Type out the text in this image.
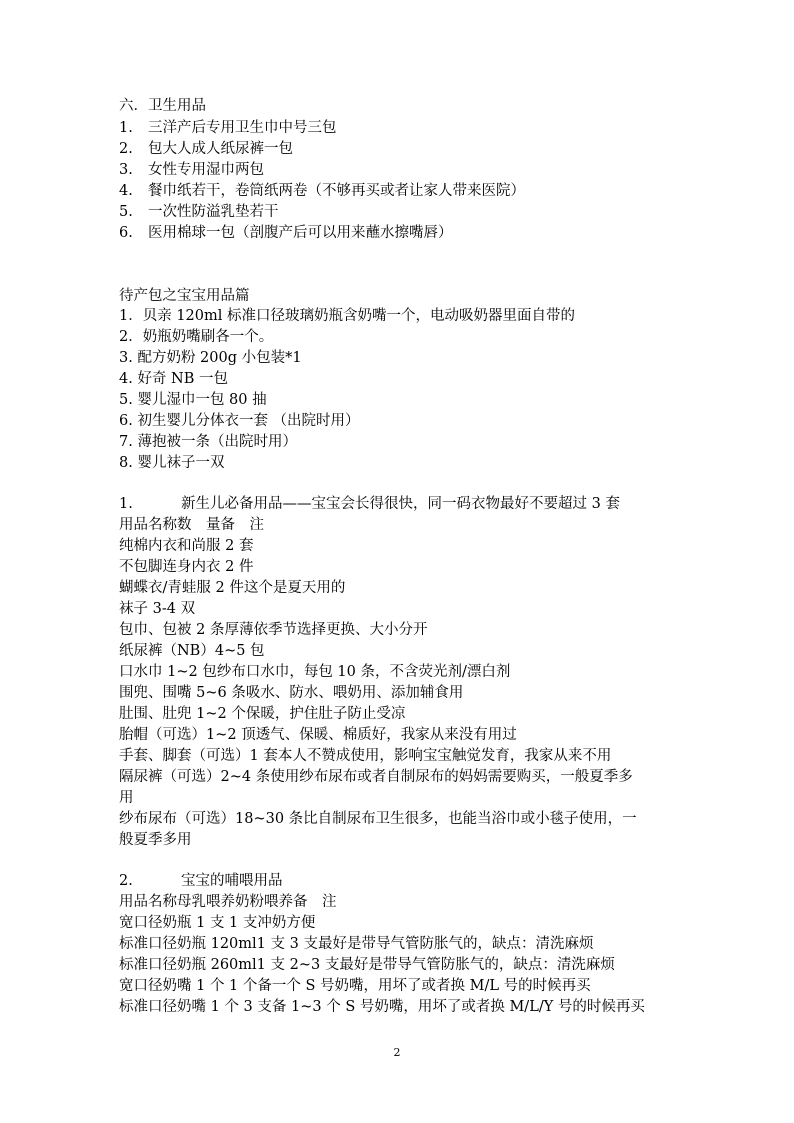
六．卫生用品
1. 三洋产后专用卫生巾中号三包
2. 包大人成人纸尿裤一包
3. 女性专用湿巾两包
4. 餐巾纸若干，卷筒纸两卷（不够再买或者让家人带来医院）
5. 一次性防溢乳垫若干
6. 医用棉球一包（剖腹产后可以用来蘸水擦嘴唇）
待产包之宝宝用品篇
1．贝亲 120ml 标准口径玻璃奶瓶含奶嘴一个，电动吸奶器里面自带的
2．奶瓶奶嘴刷各一个。
3. 配方奶粉 200g 小包装*1
4. 好奇 NB 一包
5. 婴儿湿巾一包 80 抽
6. 初生婴儿分体衣一套 （出院时用）
7. 薄抱被一条（出院时用）
8. 婴儿袜子一双
1.	新生儿必备用品——宝宝会长得很快，同一码衣物最好不要超过 3 套
用品名称数　量备　注
纯棉内衣和尚服 2 套
不包脚连身内衣 2 件
蝴蝶衣/青蛙服 2 件这个是夏天用的
袜子 3-4 双
包巾、包被 2 条厚薄依季节选择更换、大小分开
纸尿裤（NB）4~5 包
口水巾 1~2 包纱布口水巾，每包 10 条，不含荧光剂/漂白剂
围兜、围嘴 5~6 条吸水、防水、喂奶用、添加辅食用
肚围、肚兜 1~2 个保暖，护住肚子防止受凉
胎帽（可选）1~2 顶透气、保暖、棉质好，我家从来没有用过
手套、脚套（可选）1 套本人不赞成使用，影响宝宝触觉发育，我家从来不用
隔尿裤（可选）2~4 条使用纱布尿布或者自制尿布的妈妈需要购买，一般夏季多
用
纱布尿布（可选）18~30 条比自制尿布卫生很多，也能当浴巾或小毯子使用，一
般夏季多用
2.	宝宝的哺喂用品
用品名称母乳喂养奶粉喂养备　注
宽口径奶瓶 1 支 1 支冲奶方便
标准口径奶瓶 120ml1 支 3 支最好是带导气管防胀气的，缺点：清洗麻烦
标准口径奶瓶 260ml1 支 2~3 支最好是带导气管防胀气的，缺点：清洗麻烦
宽口径奶嘴 1 个 1 个备一个 S 号奶嘴，用坏了或者换 M/L 号的时候再买
标准口径奶嘴 1 个 3 支备 1~3 个 S 号奶嘴，用坏了或者换 M/L/Y 号的时候再买
2
